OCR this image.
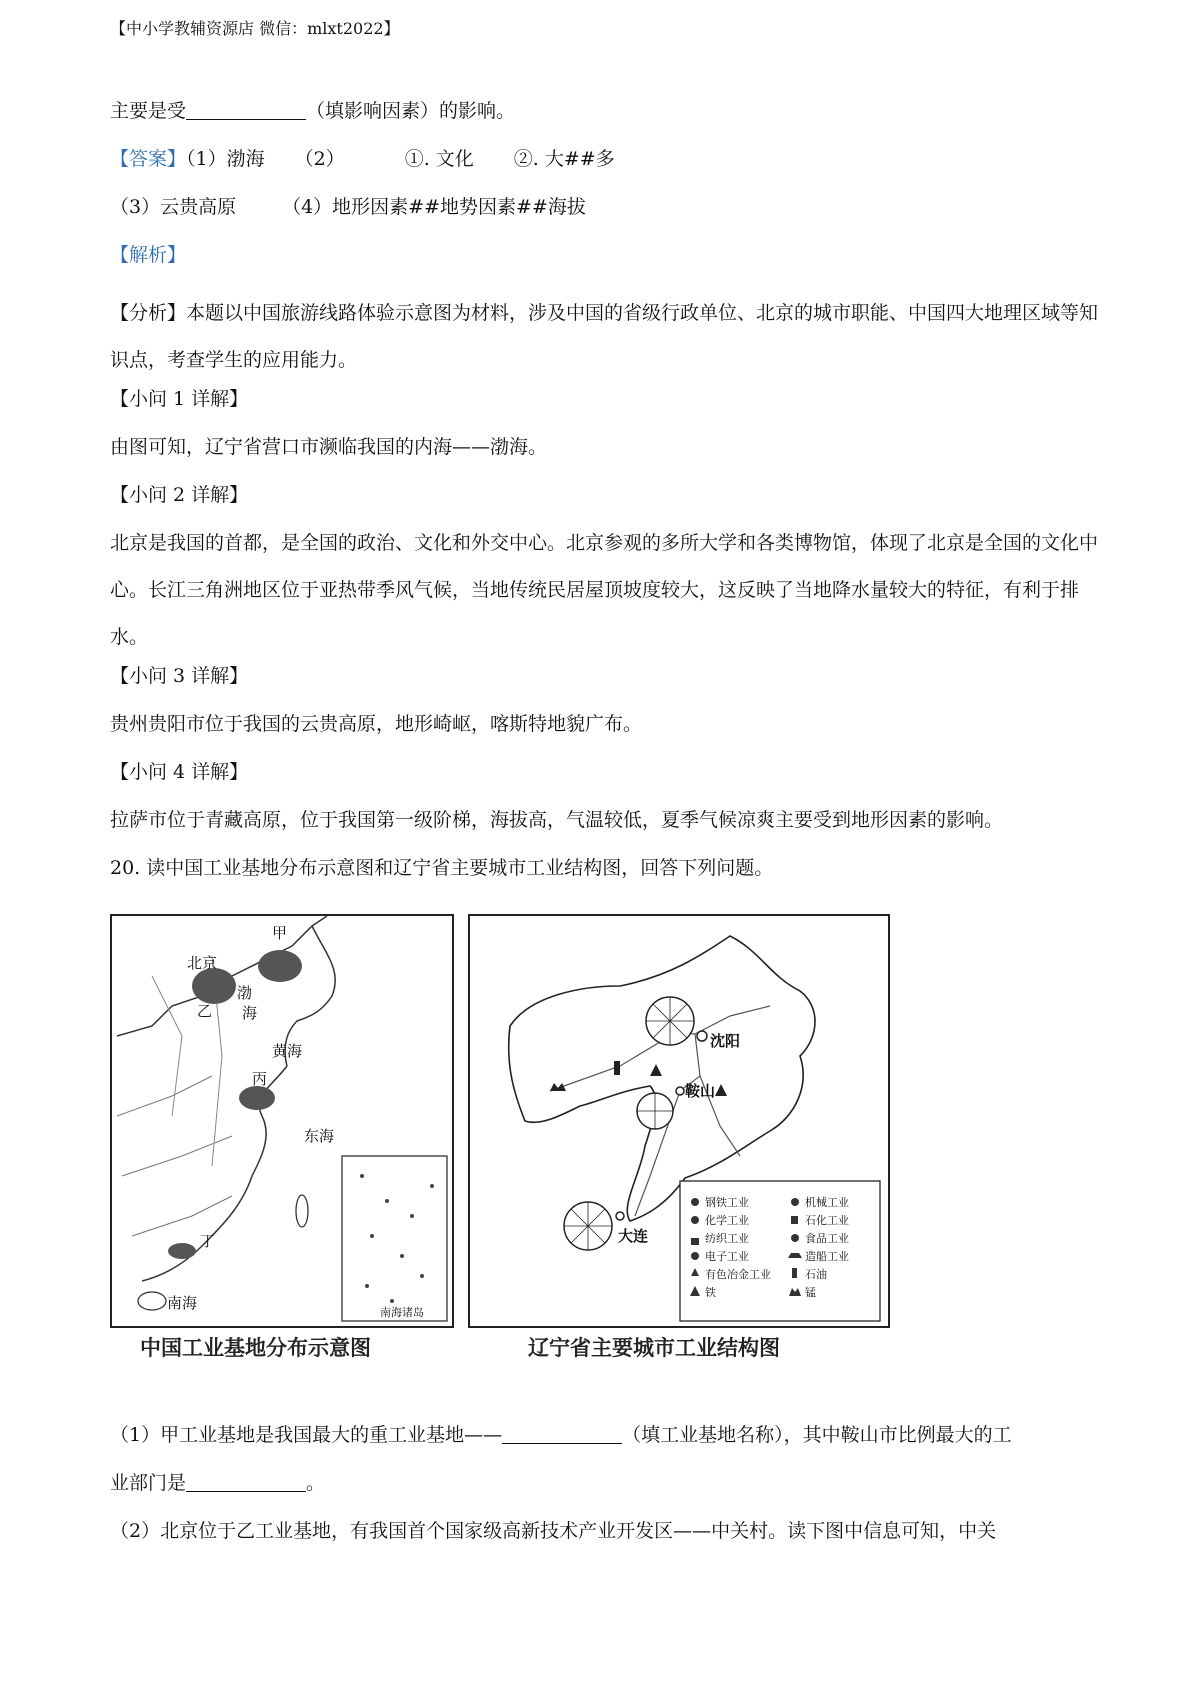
【中小学教辅资源店 微信：mlxt2022】
主要是受	（填影响因素）的影响。
【答案】（1）渤海 （2）	①. 文化 ②. 大##多
（3）云贵高原 （4）地形因素##地势因素##海拔
【解析】
【分析】本题以中国旅游线路体验示意图为材料，涉及中国的省级行政单位、北京的城市职能、中国四大地理区域等知识点，考查学生的应用能力。
【小问 1 详解】
由图可知，辽宁省营口市濒临我国的内海——渤海。
【小问 2 详解】
北京是我国的首都，是全国的政治、文化和外交中心。北京参观的多所大学和各类博物馆，体现了北京是全国的文化中心。长江三角洲地区位于亚热带季风气候，当地传统民居屋顶坡度较大，这反映了当地降水量较大的特征，有利于排水。
【小问 3 详解】
贵州贵阳市位于我国的云贵高原，地形崎岖，喀斯特地貌广布。
【小问 4 详解】
拉萨市位于青藏高原，位于我国第一级阶梯，海拔高，气温较低，夏季气候凉爽主要受到地形因素的影响。
20. 读中国工业基地分布示意图和辽宁省主要城市工业结构图，回答下列问题。
甲
北京
乙
渤
海
黄海
丙
东海
丁
南海
南海诸岛
沈阳
鞍山
大连
钢铁工业	机械工业
化学工业	石化工业
纺织工业	食品工业
电子工业	造船工业
有色冶金工业	石油
铁	锰
中国工业基地分布示意图	辽宁省主要城市工业结构图
（1）甲工业基地是我国最大的重工业基地——	（填工业基地名称），其中鞍山市比例最大的工
业部门是	。
（2）北京位于乙工业基地，有我国首个国家级高新技术产业开发区——中关村。读下图中信息可知，中关
